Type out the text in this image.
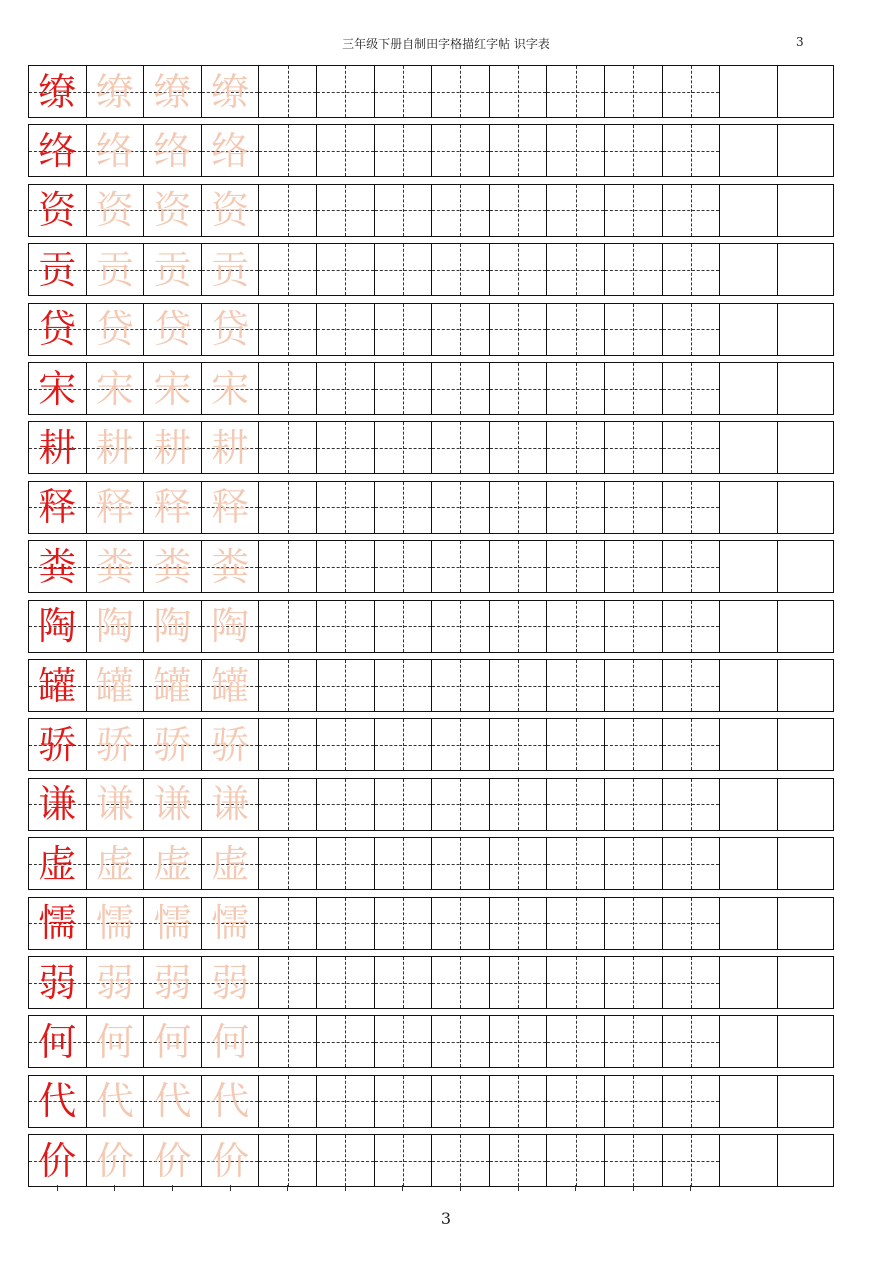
三年级下册自制田字格描红字帖 识字表	3
缭 缭 缭 缭
络 络 络 络
资 资 资 资
贡 贡 贡 贡
贷 贷 贷 贷
宋 宋 宋 宋
耕 耕 耕 耕
释 释 释 释
粪 粪 粪 粪
陶 陶 陶 陶
罐 罐 罐 罐
骄 骄 骄 骄
谦 谦 谦 谦
虚 虚 虚 虚
懦 懦 懦 懦
弱 弱 弱 弱
何 何 何 何
代 代 代 代
价 价 价 价
3
